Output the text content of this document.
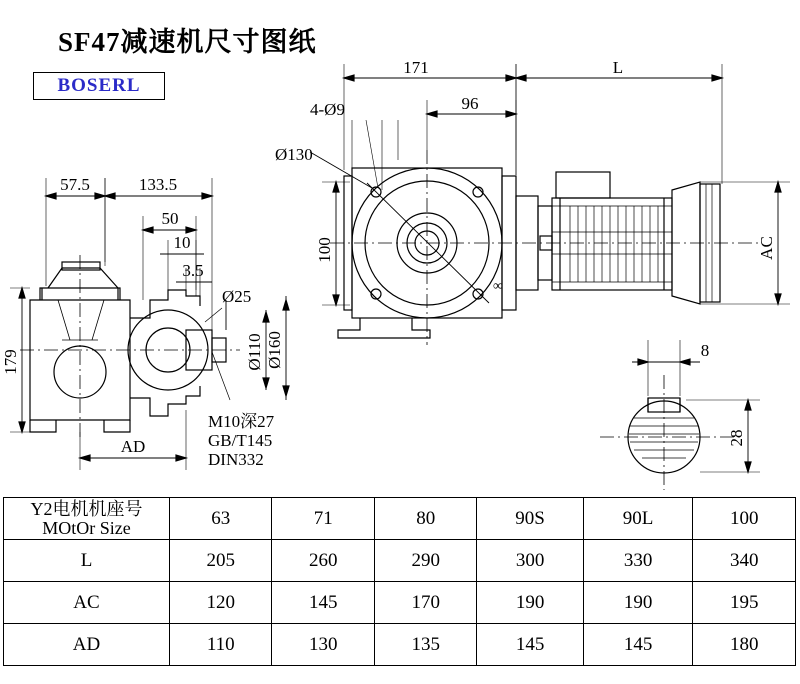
SF47减速机尺寸图纸
BOSERL
171	L
96
4-Ø9
Ø130
100	AC
Ø160
Ø110
Ø25
∞
57.5	133.5
50
10
3.5
179
AD
M10深27
GB/T145
DIN332
8
28
Y2电机机座号
MOtOr Size	63	71	80	90S	90L	100

L	205	260	290	300	330	340

AC	120	145	170	190	190	195

AD	110	130	135	145	145	180
